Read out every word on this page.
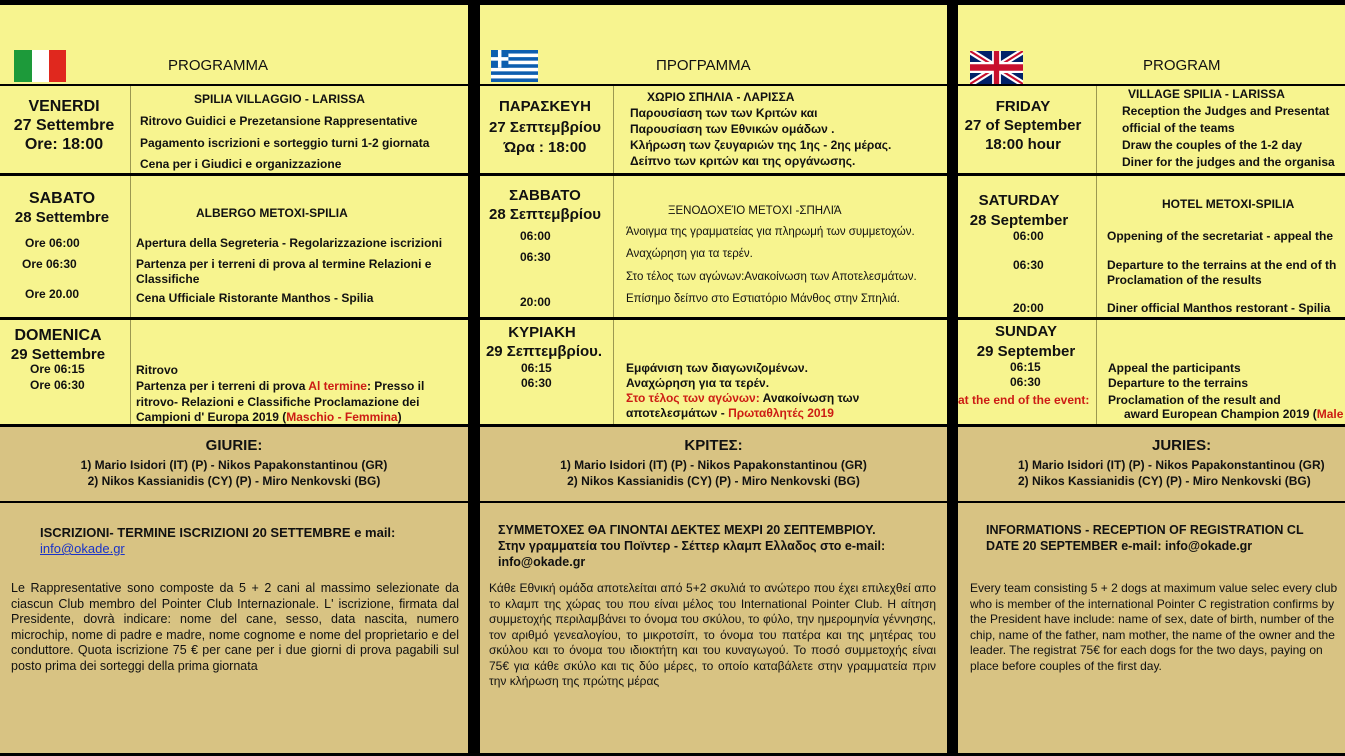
PROGRAMMA
VENERDI
27 Settembre
Ore: 18:00
SPILIA VILLAGGIO - LARISSA
Ritrovo Guidici e Prezetansione Rappresentative
Pagamento iscrizioni e sorteggio turni 1-2 giornata
Cena per i Giudici e organizzazione
SABATO
28 Settembre
Ore 06:00
Ore 06:30
Ore 20.00
ALBERGO METOXI-SPILIA
Apertura della Segreteria - Regolarizzazione iscrizioni
Partenza per i terreni di prova al termine Relazioni e
Classifiche
Cena Ufficiale Ristorante Manthos - Spilia
DOMENICA
29 Settembre
Ore 06:15
Ore 06:30
Ritrovo
Partenza per i terreni di prova Al termine: Presso il
ritrovo- Relazioni e Classifiche Proclamazione dei
Campioni d' Europa 2019 (Maschio - Femmina)
GIURIE:
1) Mario Isidori (IT) (P) - Nikos Papakonstantinou (GR)
2) Nikos Kassianidis (CY) (P) - Miro Nenkovski (BG)
ISCRIZIONI- TERMINE ISCRIZIONI 20 SETTEMBRE e mail:
info@okade.gr
Le Rappresentative sono composte da 5 + 2 cani al massimo selezionate da ciascun Club membro del Pointer Club Internazionale. L' iscrizione, firmata dal Presidente, dovrà indicare: nome del cane, sesso, data nascita, numero microchip, nome di padre e madre, nome cognome e nome del proprietario e del conduttore. Quota iscrizione 75 € per cane per i due giorni di prova pagabili sul posto prima dei sorteggi della prima giornata
ΠΡΟΓΡΑΜΜΑ
ΠΑΡΑΣΚΕΥΗ
27 Σεπτεμβρίου
Ώρα : 18:00
ΧΩΡΙΟ ΣΠΗΛΙΑ - ΛΑΡΙΣΣΑ
Παρουσίαση των των Κριτών και
Παρουσίαση των Εθνικών ομάδων .
Κλήρωση των ζευγαριών της 1ης - 2ης μέρας.
Δείπνο των κριτών και της οργάνωσης.
ΣΑΒΒΑΤΟ
28 Σεπτεμβρίου
06:00
06:30
20:00
ΞΕΝΟΔΟΧΕΊΟ ΜΕΤΟΧΙ -ΣΠΗΛΙΆ
Άνοιγμα της γραμματείας για πληρωμή των συμμετοχών.
Αναχώρηση για τα τερέν.
Στο τέλος των αγώνων:Ανακοίνωση των Αποτελεσμάτων.
Επίσημο δείπνο στο Εστιατόριο Μάνθος στην Σπηλιά.
ΚΥΡΙΑΚΗ
29 Σεπτεμβρίου.
06:15
06:30
Εμφάνιση των διαγωνιζομένων.
Αναχώρηση για τα τερέν.
Στο τέλος των αγώνων: Ανακοίνωση των
αποτελεσμάτων - Πρωταθλητές 2019
ΚΡΙΤΕΣ:
1) Mario Isidori (IT) (P) - Nikos Papakonstantinou (GR)
2) Nikos Kassianidis (CY) (P) - Miro Nenkovski (BG)
ΣΥΜΜΕΤΟΧΕΣ ΘΑ ΓΙΝΟΝΤΑΙ ΔΕΚΤΕΣ ΜΕΧΡΙ 20 ΣΕΠΤΕΜΒΡΙΟΥ.
Στην γραμματεία του Ποϊντερ - Σέττερ κλαμπ Ελλαδος στο e-mail:
info@okade.gr
Κάθε Εθνική ομάδα αποτελείται από 5+2 σκυλιά το ανώτερο που έχει επιλεχθεί απο το κλαμπ της χώρας του που είναι μέλος του International Pointer Club. Η αίτηση συμμετοχής περιλαμβάνει το όνομα του σκύλου, το φύλο, την ημερομηνία γέννησης, τον αριθμό γενεαλογίου, το μικροτσίπ, το όνομα του πατέρα και της μητέρας του σκύλου και το όνομα του ιδιοκτήτη και του κυναγωγού. Το ποσό συμμετοχής είναι 75€ για κάθε σκύλο και τις δύο μέρες, το οποίο καταβάλετε στην γραμματεία πριν την κλήρωση της πρώτης μέρας
PROGRAM
FRIDAY
27 of September
18:00 hour
VILLAGE SPILIA - LARISSA
Reception the Judges and Presentat
official of the teams
Draw the couples of the 1-2 day
Diner for the judges and the organisa
SATURDAY
28 September
06:00
06:30
20:00
HOTEL METOXI-SPILIA
Oppening of the secretariat - appeal the
Departure to the terrains at the end of th
Proclamation of the results
Diner official Manthos restorant - Spilia
SUNDAY
29 September
06:15
06:30
at the end of the event:
Appeal the participants
Departure to the terrains
Proclamation of the result and
award European Champion 2019 (Male
JURIES:
1) Mario Isidori (IT) (P) - Nikos Papakonstantinou (GR)
2) Nikos Kassianidis (CY) (P) - Miro Nenkovski (BG)
INFORMATIONS - RECEPTION OF REGISTRATION CL
DATE 20 SEPTEMBER e-mail: info@okade.gr
Every team consisting 5 + 2 dogs at maximum value selec every club who is member of the international Pointer C registration confirms by the President have include: name of sex, date of birth, number of the chip, name of the father, nam mother, the name of the owner and the leader. The registrat 75€ for each dogs for the two days, paying on place before couples of the first day.
